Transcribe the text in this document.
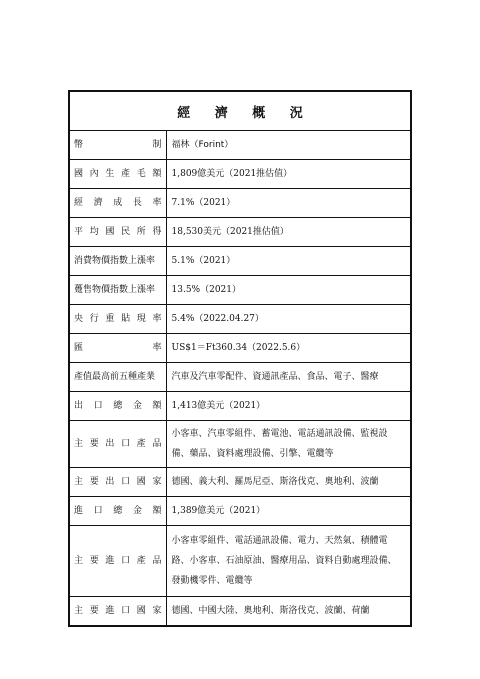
經 濟 概 況
幣制	福林（Forint）
國內生產毛額	1,809億美元（2021推估值）
經濟成長率	7.1%（2021）
平均國民所得	18,530美元（2021推估值）
消費物價指數上漲率	5.1%（2021）
躉售物價指數上漲率	13.5%（2021）
央行重貼現率	5.4%（2022.04.27）
匯率	US$1＝Ft360.34（2022.5.6）
產值最高前五種產業	汽車及汽車零配件、資通訊產品、食品、電子、醫療
出口總金額	1,413億美元（2021）
主要出口產品	小客車、汽車零組件、蓄電池、電話通訊設備、監視設備、藥品、資料處理設備、引擎、電纜等
主要出口國家	德國、義大利、羅馬尼亞、斯洛伐克、奧地利、波蘭
進口總金額	1,389億美元（2021）
主要進口產品	小客車零組件、電話通訊設備、電力、天然氣、積體電路、小客車、石油原油、醫療用品、資料自動處理設備、發動機零件、電纜等
主要進口國家	德國、中國大陸、奧地利、斯洛伐克、波蘭、荷蘭
